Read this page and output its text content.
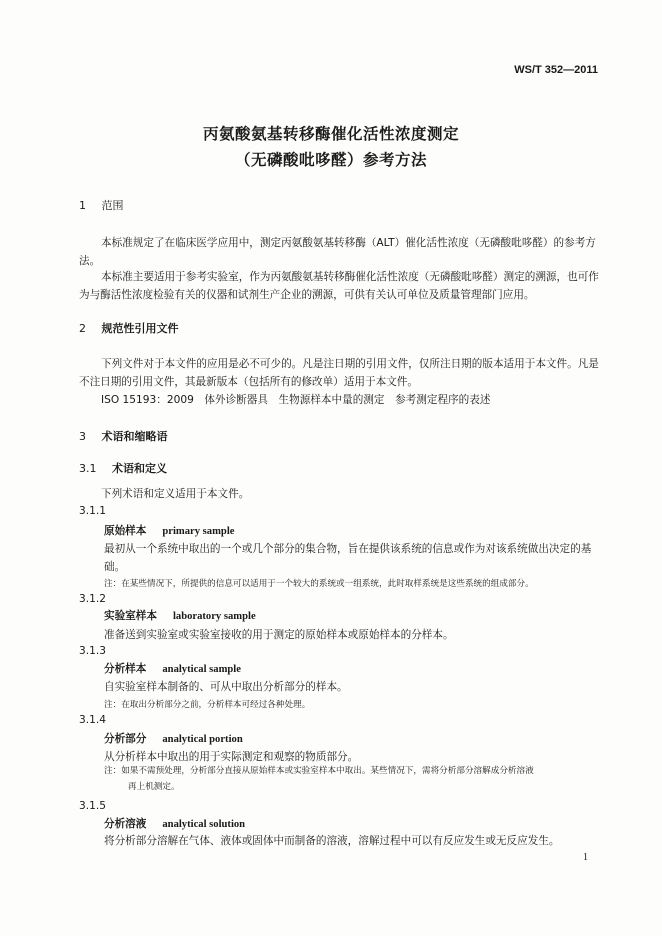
WS/T 352—2011
丙氨酸氨基转移酶催化活性浓度测定
（无磷酸吡哆醛）参考方法
1 范围
本标准规定了在临床医学应用中，测定丙氨酸氨基转移酶（ALT）催化活性浓度（无磷酸吡哆醛）的参考方法。
本标准主要适用于参考实验室，作为丙氨酸氨基转移酶催化活性浓度（无磷酸吡哆醛）测定的溯源，也可作为与酶活性浓度检验有关的仪器和试剂生产企业的溯源，可供有关认可单位及质量管理部门应用。
2 规范性引用文件
下列文件对于本文件的应用是必不可少的。凡是注日期的引用文件，仅所注日期的版本适用于本文件。凡是不注日期的引用文件，其最新版本（包括所有的修改单）适用于本文件。
ISO 15193：2009　体外诊断器具　生物源样本中量的测定　参考测定程序的表述
3 术语和缩略语
3.1 术语和定义
下列术语和定义适用于本文件。
3.1.1
原始样本 primary sample
最初从一个系统中取出的一个或几个部分的集合物，旨在提供该系统的信息或作为对该系统做出决定的基础。
注：在某些情况下，所提供的信息可以适用于一个较大的系统或一组系统，此时取样系统是这些系统的组成部分。
3.1.2
实验室样本 laboratory sample
准备送到实验室或实验室接收的用于测定的原始样本或原始样本的分样本。
3.1.3
分析样本 analytical sample
自实验室样本制备的、可从中取出分析部分的样本。
注：在取出分析部分之前，分析样本可经过各种处理。
3.1.4
分析部分 analytical portion
从分析样本中取出的用于实际测定和观察的物质部分。
注：如果不需预处理，分析部分直接从原始样本或实验室样本中取出。某些情况下，需将分析部分溶解成分析溶液
再上机测定。
3.1.5
分析溶液 analytical solution
将分析部分溶解在气体、液体或固体中而制备的溶液，溶解过程中可以有反应发生或无反应发生。
1
